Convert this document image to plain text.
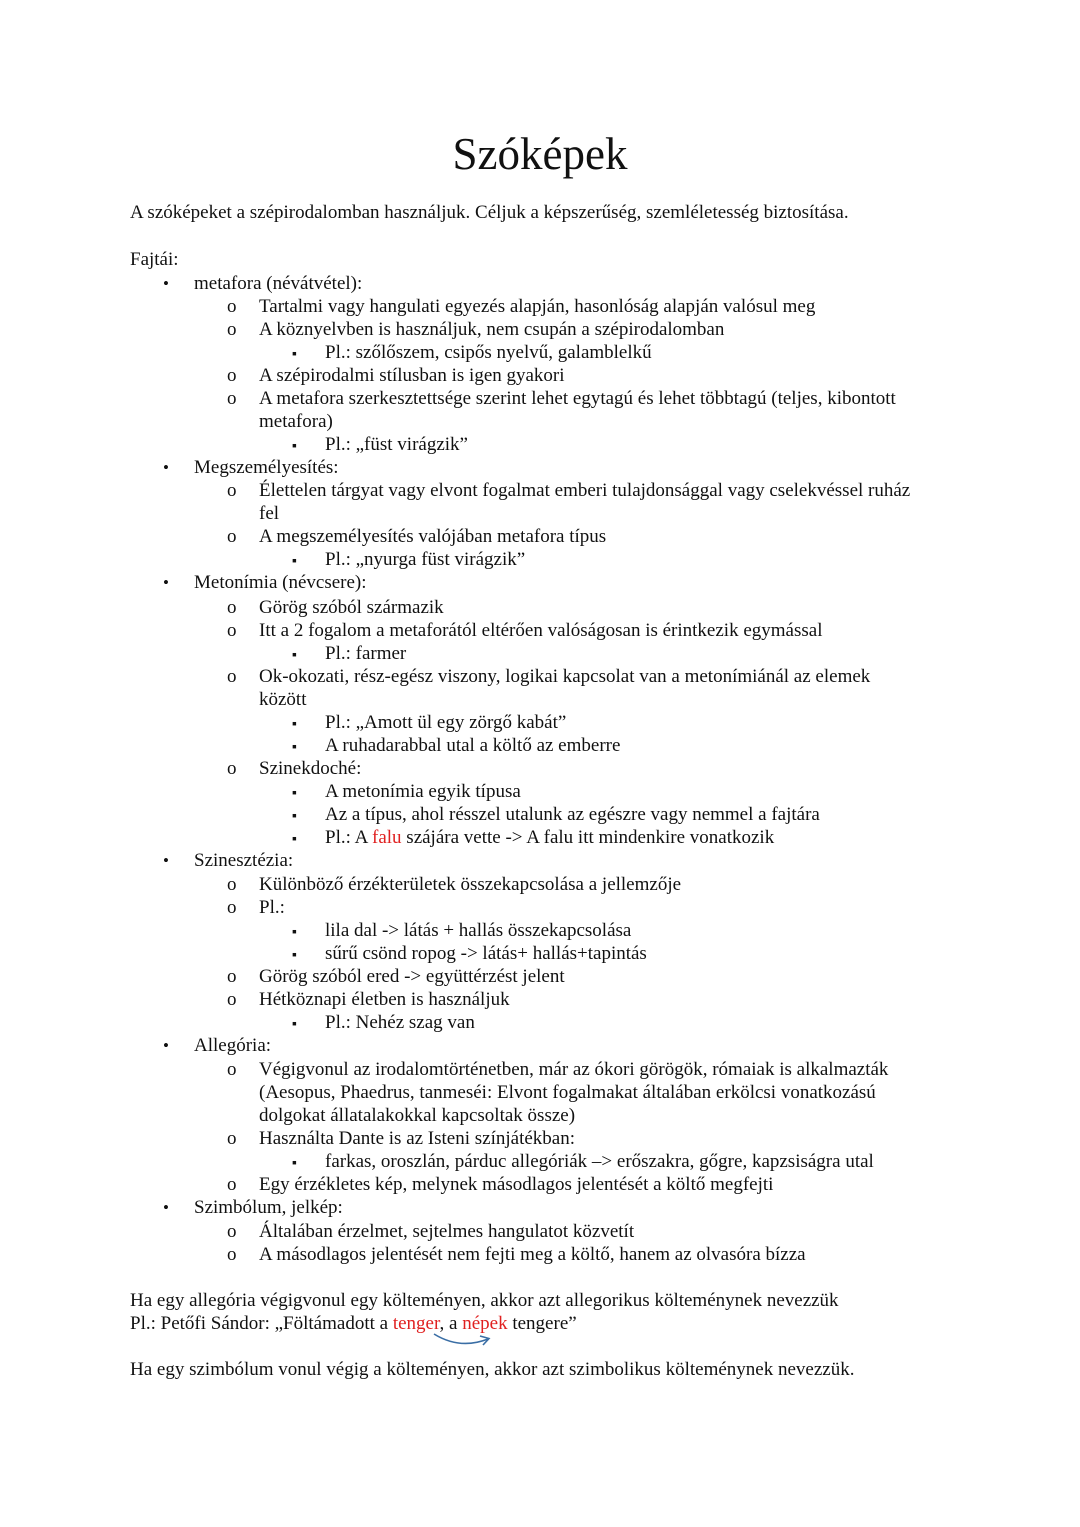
Szóképek
A szóképeket a szépirodalomban használjuk. Céljuk a képszerűség, szemléletesség biztosítása.
Fajtái:
• metafora (névátvétel):
o Tartalmi vagy hangulati egyezés alapján, hasonlóság alapján valósul meg
o A köznyelvben is használjuk, nem csupán a szépirodalomban
▪ Pl.: szőlőszem, csipős nyelvű, galamblelkű
o A szépirodalmi stílusban is igen gyakori
o A metafora szerkesztettsége szerint lehet egytagú és lehet többtagú (teljes, kibontott
metafora)
▪ Pl.: „füst virágzik”
• Megszemélyesítés:
o Élettelen tárgyat vagy elvont fogalmat emberi tulajdonsággal vagy cselekvéssel ruház
fel
o A megszemélyesítés valójában metafora típus
▪ Pl.: „nyurga füst virágzik”
• Metonímia (névcsere):
o Görög szóból származik
o Itt a 2 fogalom a metaforától eltérően valóságosan is érintkezik egymással
▪ Pl.: farmer
o Ok-okozati, rész-egész viszony, logikai kapcsolat van a metonímiánál az elemek
között
▪ Pl.: „Amott ül egy zörgő kabát”
▪ A ruhadarabbal utal a költő az emberre
o Szinekdoché:
▪ A metonímia egyik típusa
▪ Az a típus, ahol résszel utalunk az egészre vagy nemmel a fajtára
▪ Pl.: A falu szájára vette -> A falu itt mindenkire vonatkozik
• Szinesztézia:
o Különböző érzékterületek összekapcsolása a jellemzője
o Pl.:
▪ lila dal -> látás + hallás összekapcsolása
▪ sűrű csönd ropog -> látás+ hallás+tapintás
o Görög szóból ered -> együttérzést jelent
o Hétköznapi életben is használjuk
▪ Pl.: Nehéz szag van
• Allegória:
o Végigvonul az irodalomtörténetben, már az ókori görögök, rómaiak is alkalmazták
(Aesopus, Phaedrus, tanmeséi: Elvont fogalmakat általában erkölcsi vonatkozású
dolgokat állatalakokkal kapcsoltak össze)
o Használta Dante is az Isteni színjátékban:
▪ farkas, oroszlán, párduc allegóriák –> erőszakra, gőgre, kapzsiságra utal
o Egy érzékletes kép, melynek másodlagos jelentését a költő megfejti
• Szimbólum, jelkép:
o Általában érzelmet, sejtelmes hangulatot közvetít
o A másodlagos jelentését nem fejti meg a költő, hanem az olvasóra bízza
Ha egy allegória végigvonul egy költeményen, akkor azt allegorikus költeménynek nevezzük
Pl.: Petőfi Sándor: „Föltámadott a tenger, a népek tengere”
Ha egy szimbólum vonul végig a költeményen, akkor azt szimbolikus költeménynek nevezzük.
